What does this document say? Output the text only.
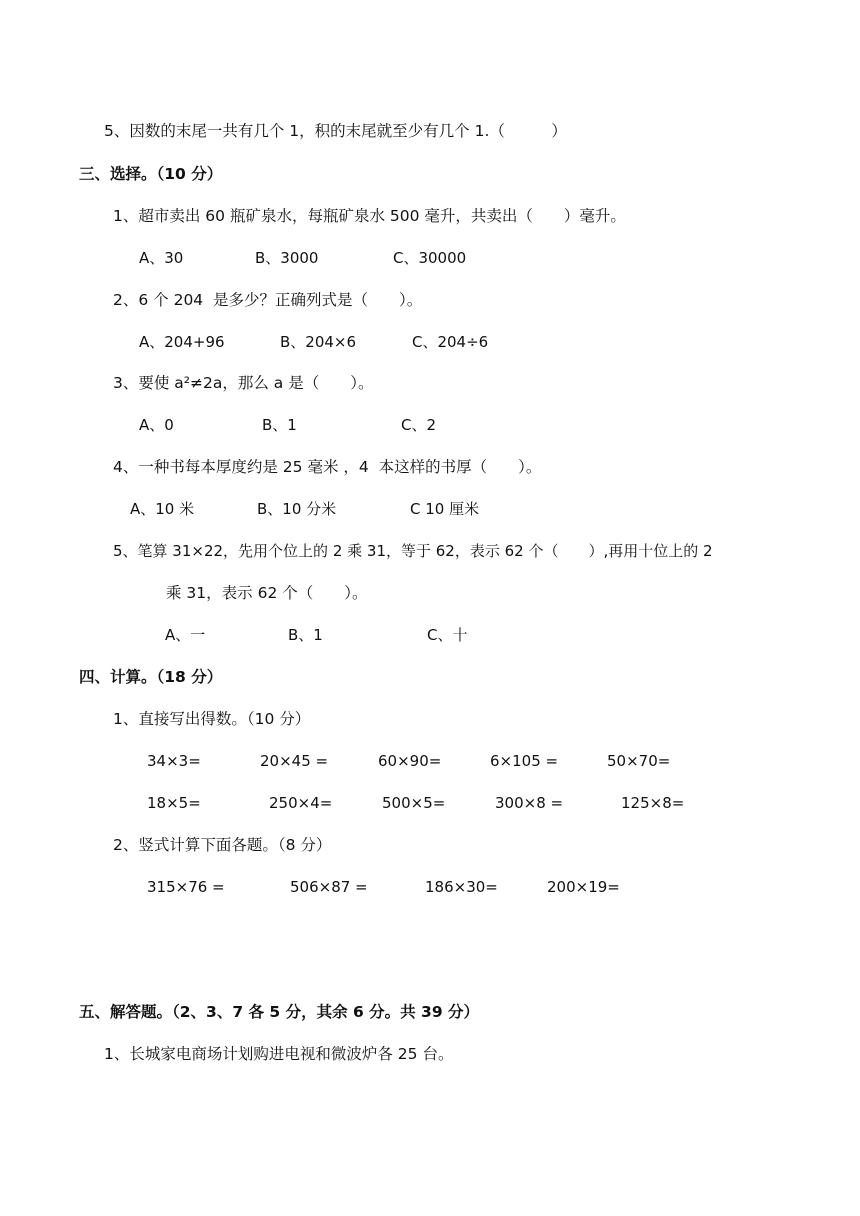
5、因数的末尾一共有几个 1，积的末尾就至少有几个 1.（　　　）
三、选择。（10 分）
1、超市卖出 60 瓶矿泉水，每瓶矿泉水 500 毫升，共卖出（　　）毫升。
A、30	B、3000	C、30000
2、6 个 204  是多少？正确列式是（　　）。
A、204+96	B、204×6	C、204÷6
3、要使 a²≠2a，那么 a 是（　　）。
A、0	B、1	C、2
4、一种书每本厚度约是 25 毫米 ，4  本这样的书厚（　　）。
A、10 米	B、10 分米	C 10 厘米
5、笔算 31×22，先用个位上的 2 乘 31，等于 62，表示 62 个（　　）,再用十位上的 2
乘 31，表示 62 个（　　）。
A、一	B、1	C、十
四、计算。（18 分）
1、直接写出得数。（10 分）
34×3=	20×45 =	60×90=	6×105 =	50×70=
18×5=	250×4=	500×5=	300×8 =	125×8=
2、竖式计算下面各题。（8 分）
315×76 =	506×87 =	186×30=	200×19=
五、解答题。（2、3、7 各 5 分，其余 6 分。共 39 分）
1、长城家电商场计划购进电视和微波炉各 25 台。
